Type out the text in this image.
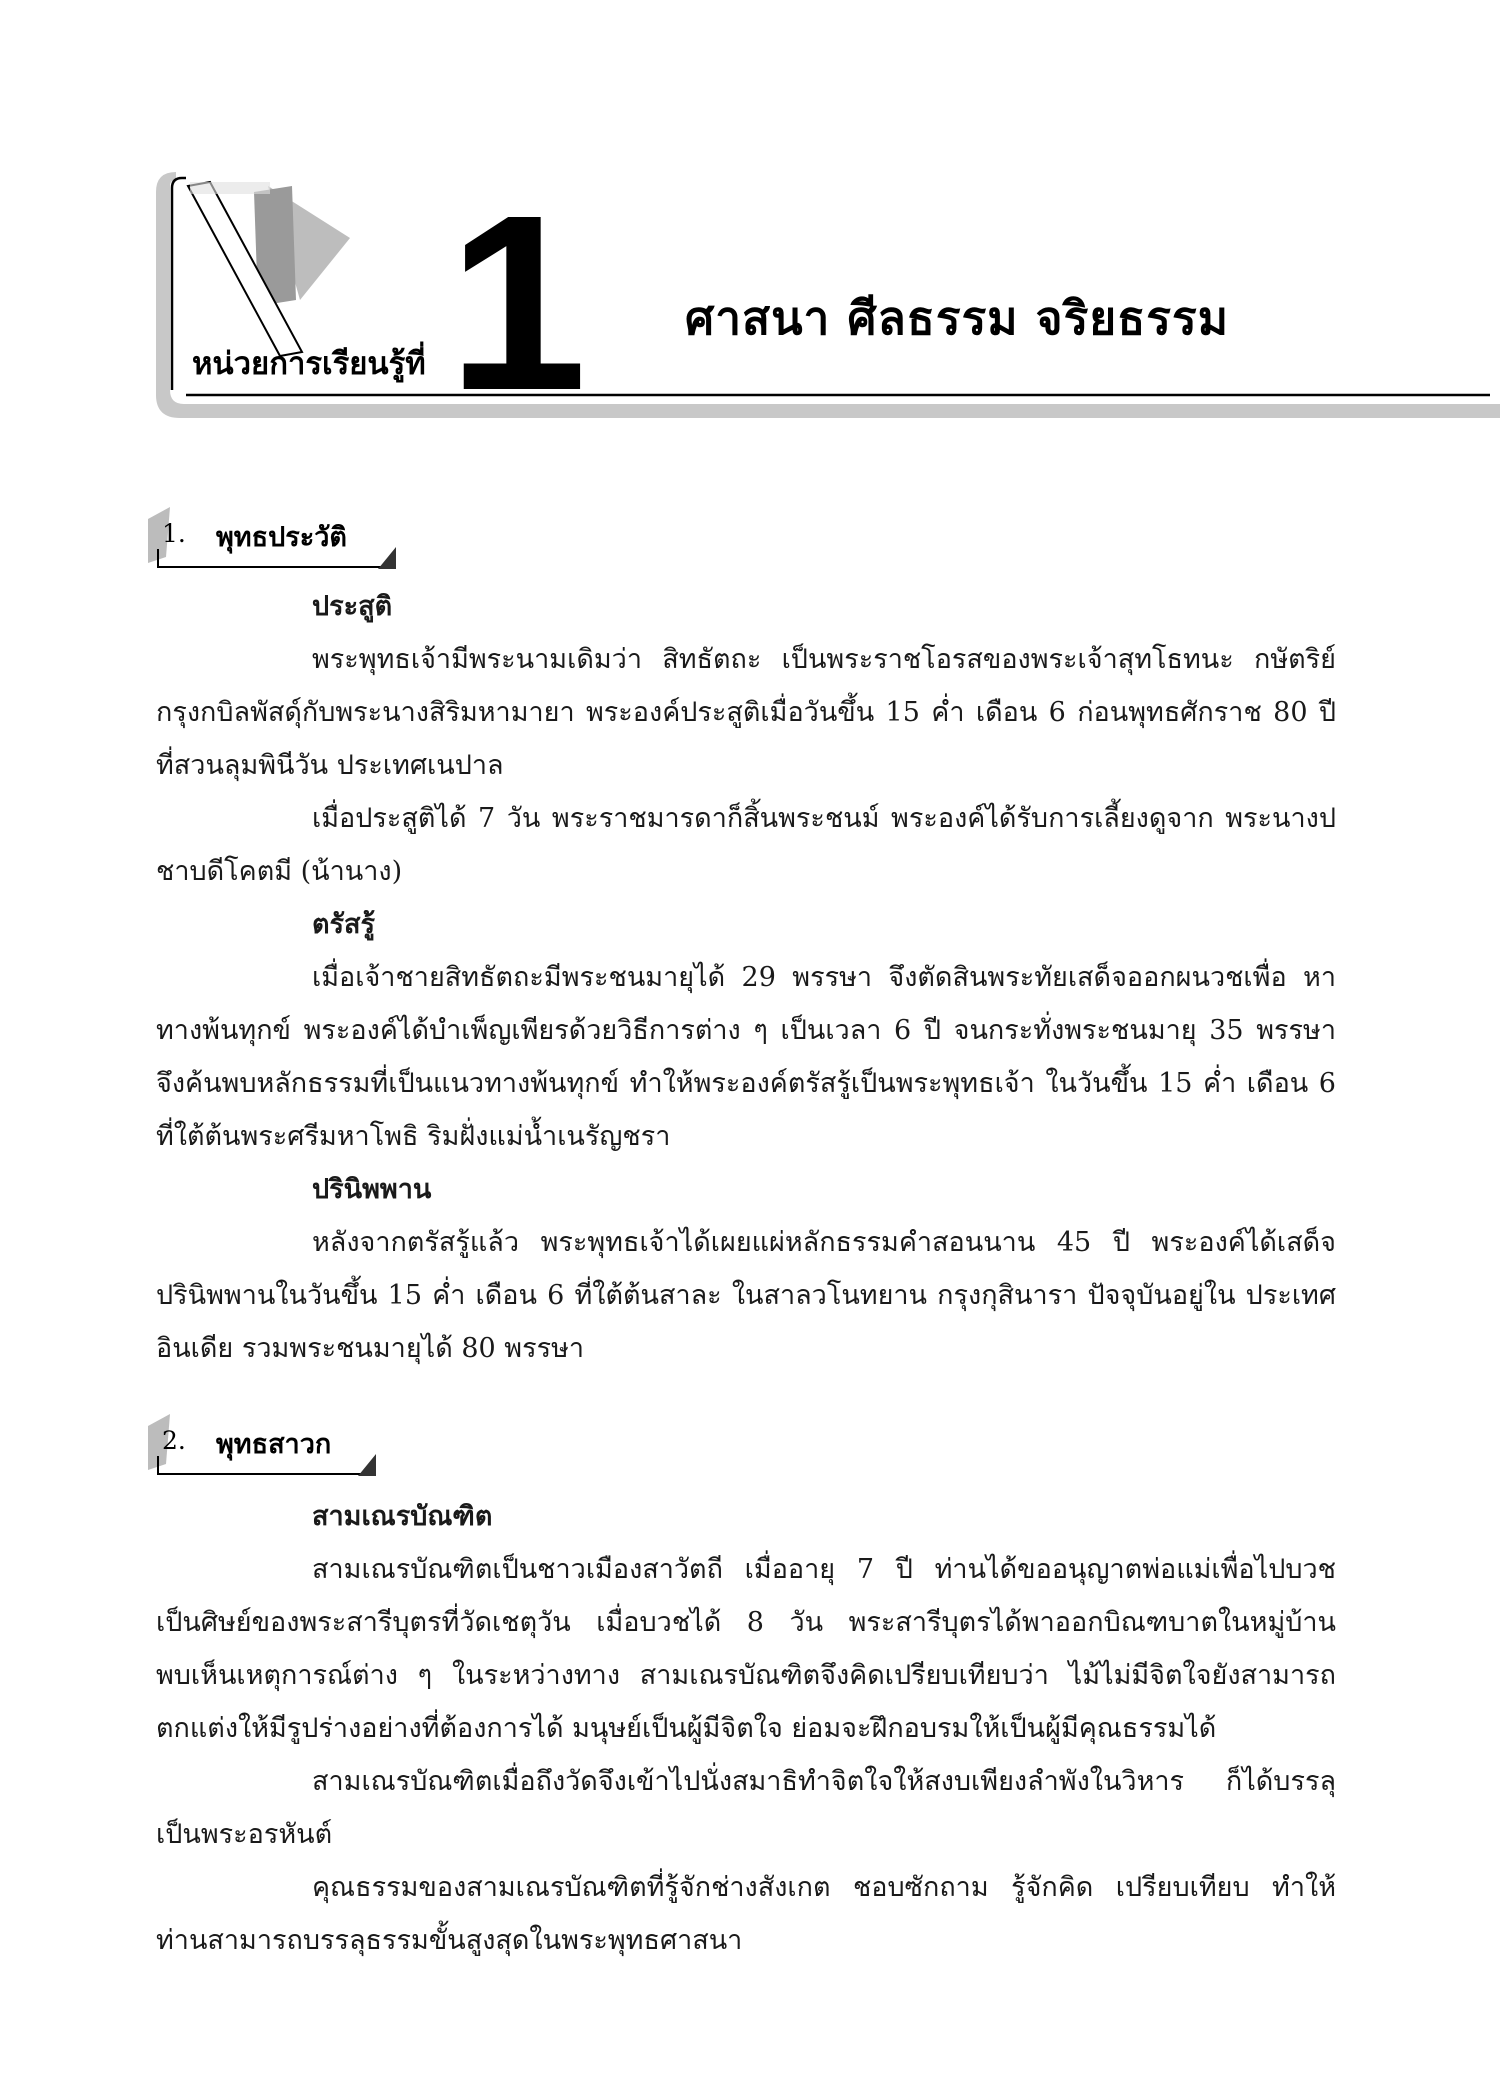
หน่วยการเรียนรู้ที่ 1 ศาสนา ศีลธรรม จริยธรรม
1. พุทธประวัติ
ประสูติ

พระพุทธเจ้ามีพระนามเดิมว่า สิทธัตถะ เป็นพระราชโอรสของพระเจ้าสุทโธทนะ กษัตริย์กรุงกบิลพัสดุ์กับพระนางสิริมหามายา พระองค์ประสูติเมื่อวันขึ้น 15 ค่ำ เดือน 6 ก่อนพุทธศักราช 80 ปี ที่สวนลุมพินีวัน ประเทศเนปาล

เมื่อประสูติได้ 7 วัน พระราชมารดาก็สิ้นพระชนม์ พระองค์ได้รับการเลี้ยงดูจาก พระนางปชาบดีโคตมี (น้านาง)

ตรัสรู้

เมื่อเจ้าชายสิทธัตถะมีพระชนมายุได้ 29 พรรษา จึงตัดสินพระทัยเสด็จออกผนวชเพื่อ หาทางพ้นทุกข์ พระองค์ได้บำเพ็ญเพียรด้วยวิธีการต่าง ๆ เป็นเวลา 6 ปี จนกระทั่งพระชนมายุ 35 พรรษา จึงค้นพบหลักธรรมที่เป็นแนวทางพ้นทุกข์ ทำให้พระองค์ตรัสรู้เป็นพระพุทธเจ้า ในวันขึ้น 15 ค่ำ เดือน 6 ที่ใต้ต้นพระศรีมหาโพธิ ริมฝั่งแม่น้ำเนรัญชรา

ปรินิพพาน

หลังจากตรัสรู้แล้ว พระพุทธเจ้าได้เผยแผ่หลักธรรมคำสอนนาน 45 ปี พระองค์ได้เสด็จ ปรินิพพานในวันขึ้น 15 ค่ำ เดือน 6 ที่ใต้ต้นสาละ ในสาลวโนทยาน กรุงกุสินารา ปัจจุบันอยู่ใน ประเทศอินเดีย รวมพระชนมายุได้ 80 พรรษา

2. พุทธสาวก
สามเณรบัณฑิต

สามเณรบัณฑิตเป็นชาวเมืองสาวัตถี เมื่ออายุ 7 ปี ท่านได้ขออนุญาตพ่อแม่เพื่อไปบวช เป็นศิษย์ของพระสารีบุตรที่วัดเชตุวัน เมื่อบวชได้ 8 วัน พระสารีบุตรได้พาออกบิณฑบาตในหมู่บ้าน พบเห็นเหตุการณ์ต่าง ๆ ในระหว่างทาง สามเณรบัณฑิตจึงคิดเปรียบเทียบว่า ไม้ไม่มีจิตใจยังสามารถ ตกแต่งให้มีรูปร่างอย่างที่ต้องการได้ มนุษย์เป็นผู้มีจิตใจ ย่อมจะฝึกอบรมให้เป็นผู้มีคุณธรรมได้

สามเณรบัณฑิตเมื่อถึงวัดจึงเข้าไปนั่งสมาธิทำจิตใจให้สงบเพียงลำพังในวิหาร ก็ได้บรรลุ เป็นพระอรหันต์

คุณธรรมของสามเณรบัณฑิตที่รู้จักช่างสังเกต ชอบซักถาม รู้จักคิด เปรียบเทียบ ทำให้ ท่านสามารถบรรลุธรรมขั้นสูงสุดในพระพุทธศาสนา
